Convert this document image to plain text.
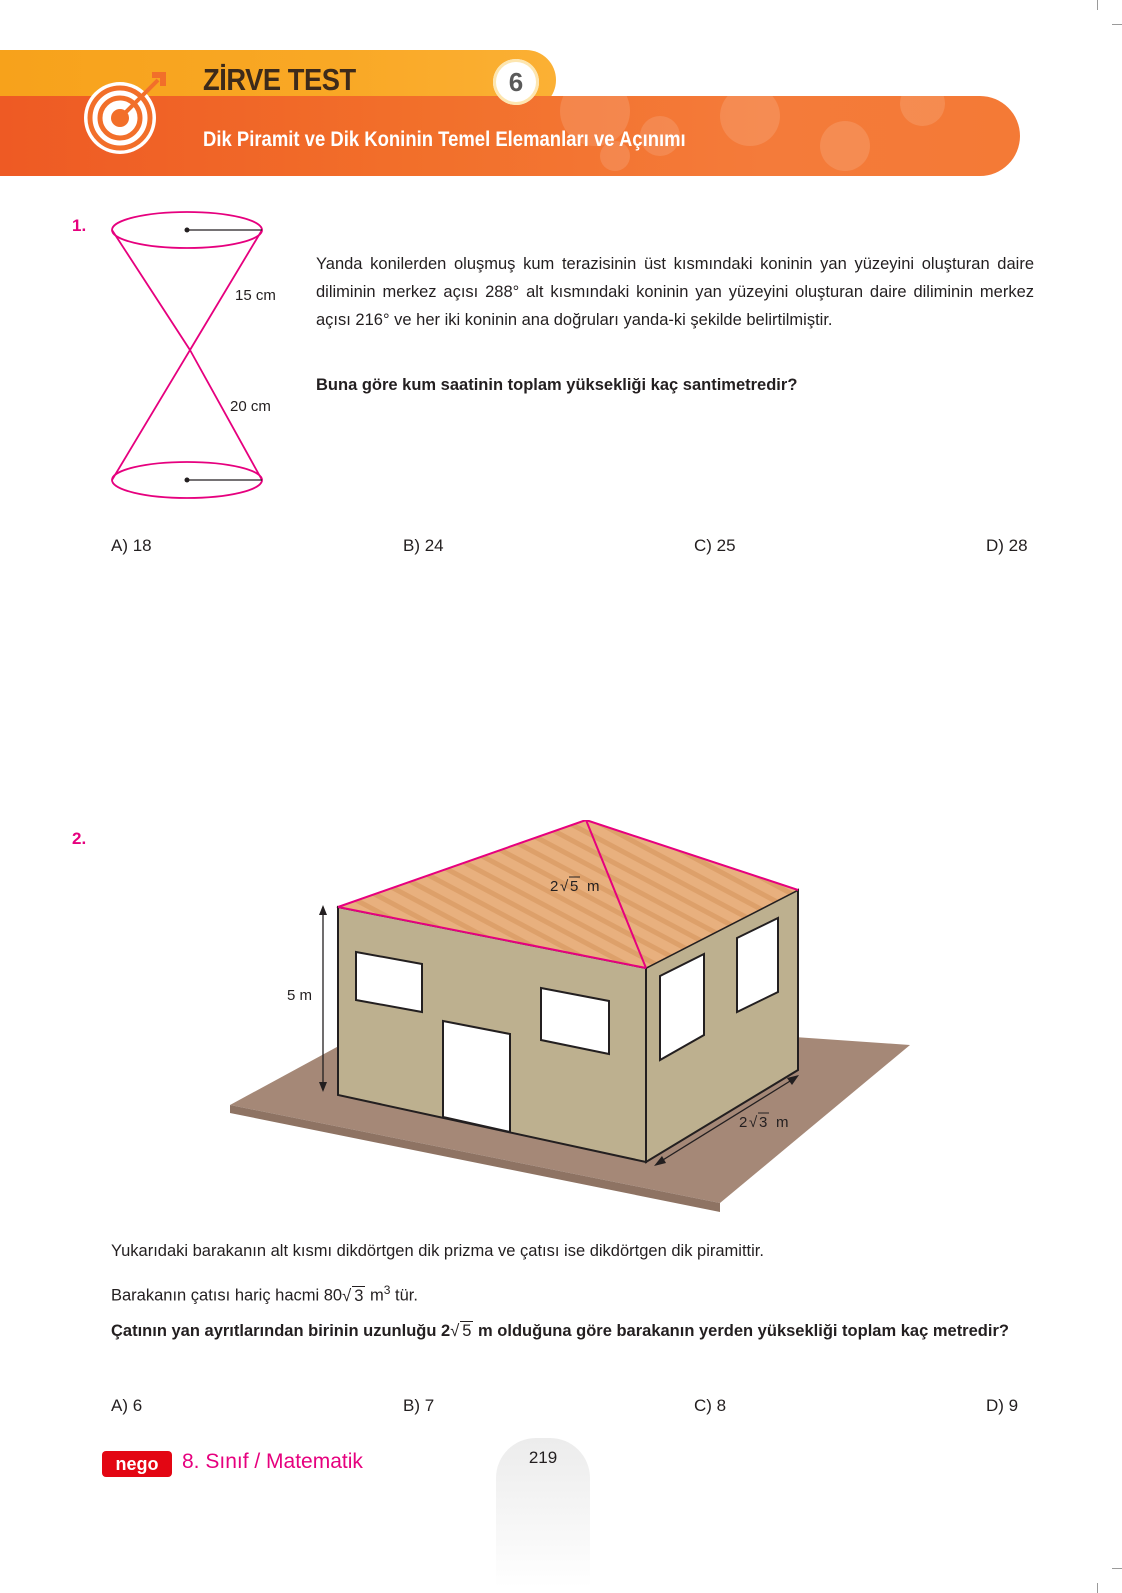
ZİRVE TEST	6
Dik Piramit ve Dik Koninin Temel Elemanları ve Açınımı
1.
15 cm
20 cm
Yanda konilerden oluşmuş kum terazisinin üst kısmındaki koninin yan yüzeyini oluşturan daire diliminin merkez açısı 288° alt kısmındaki koninin yan yüzeyini oluşturan daire diliminin merkez açısı 216° ve her iki koninin ana doğruları yanda-ki şekilde belirtilmiştir.
Buna göre kum saatinin toplam yüksekliği kaç santimetredir?
A) 18	B) 24	C) 25	D) 28
2.
5 m
2 √ 5 m
2 √ 3 m
Yukarıdaki barakanın alt kısmı dikdörtgen dik prizma ve çatısı ise dikdörtgen dik piramittir.
Barakanın çatısı hariç hacmi 80√ 3 $m^3$ tür.
Çatının yan ayrıtlarından birinin uzunluğu 2√ 5 m olduğuna göre barakanın yerden yüksekliği toplam kaç metredir?
A) 6	B) 7	C) 8	D) 9
nego 8. Sınıf / Matematik	219
